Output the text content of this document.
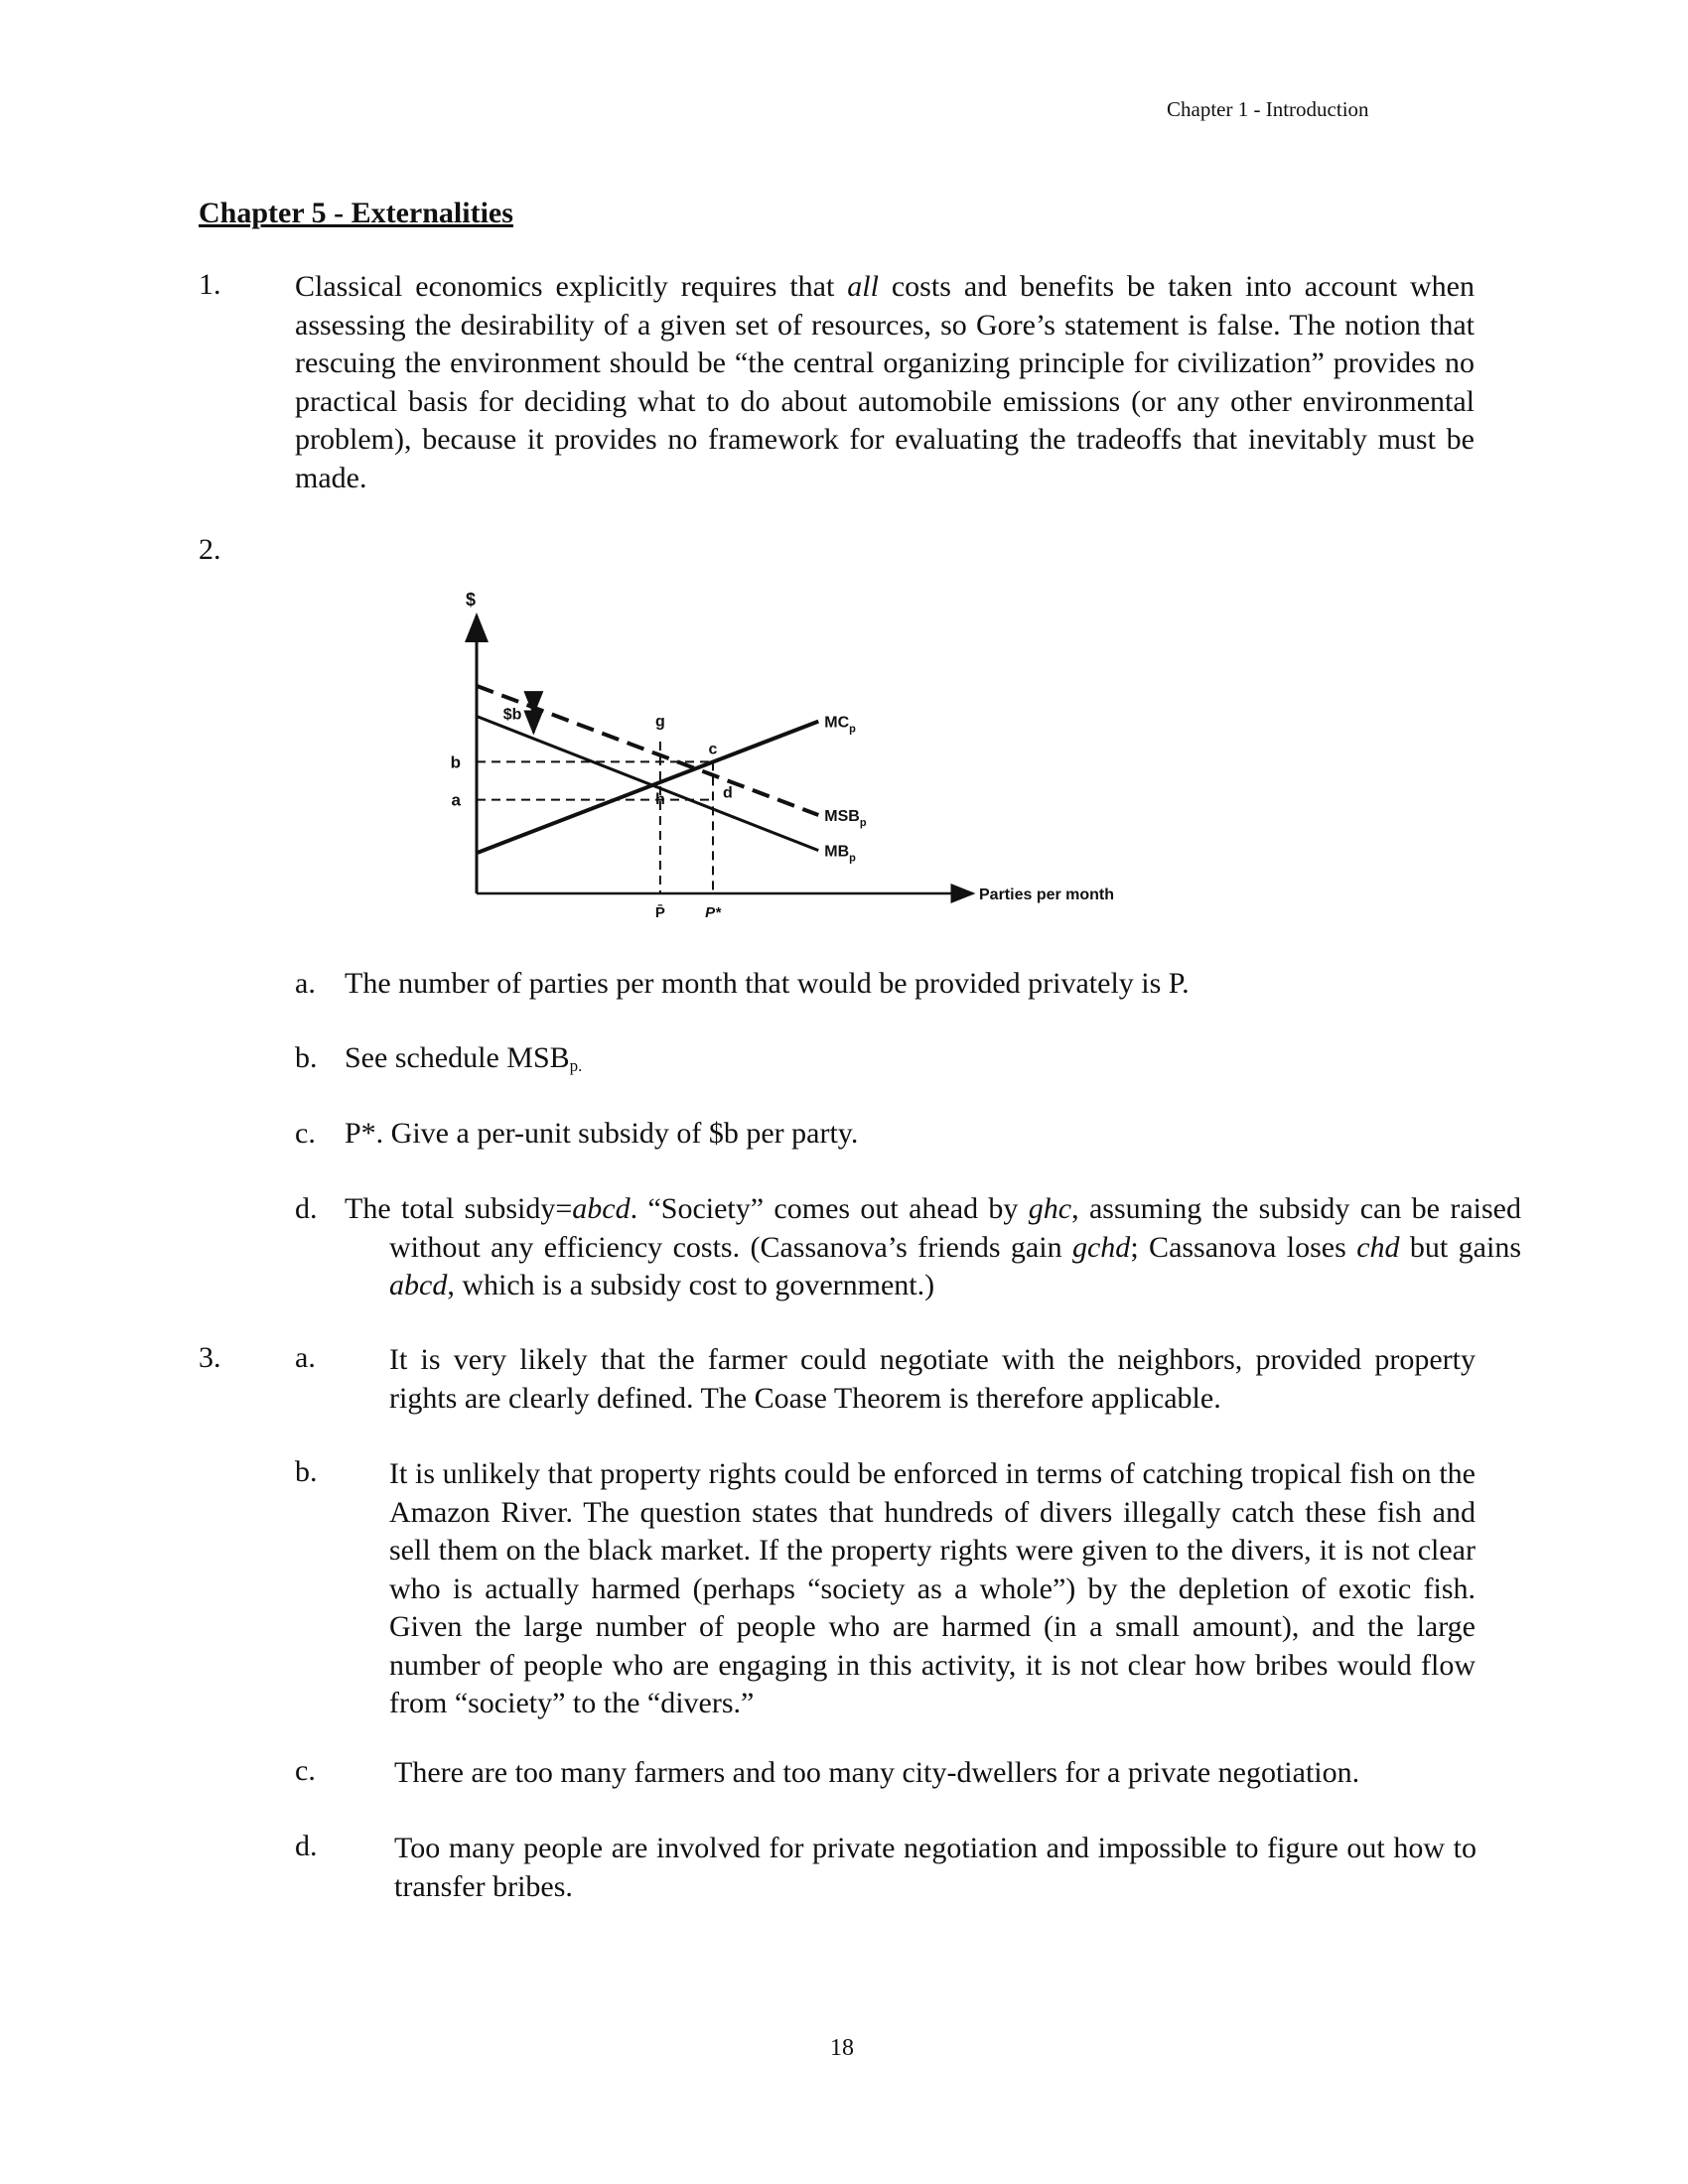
Chapter 1 - Introduction
Chapter 5 - Externalities
1. Classical economics explicitly requires that all costs and benefits be taken into account when assessing the desirability of a given set of resources, so Gore’s statement is false. The notion that rescuing the environment should be “the central organizing principle for civilization” provides no practical basis for deciding what to do about automobile emissions (or any other environmental problem), because it provides no framework for evaluating the tradeoffs that inevitably must be made.
2.
$
Parties per month
b
a
P̄	P*
$MSB_p$
$MB_p$
$MC_p$
g
c
h	d
$b
a. The number of parties per month that would be provided privately is P.
b. See schedule $MSB_{p.}$
c. P*. Give a per-unit subsidy of $b per party.
d. The total subsidy=abcd. “Society” comes out ahead by ghc, assuming the subsidy can be raised without any efficiency costs. (Cassanova’s friends gain gchd; Cassanova loses chd but gains abcd, which is a subsidy cost to government.)
3. a. It is very likely that the farmer could negotiate with the neighbors, provided property rights are clearly defined. The Coase Theorem is therefore applicable.
b. It is unlikely that property rights could be enforced in terms of catching tropical fish on the Amazon River. The question states that hundreds of divers illegally catch these fish and sell them on the black market. If the property rights were given to the divers, it is not clear who is actually harmed (perhaps “society as a whole”) by the depletion of exotic fish. Given the large number of people who are harmed (in a small amount), and the large number of people who are engaging in this activity, it is not clear how bribes would flow from “society” to the “divers.”
c.	There are too many farmers and too many city-dwellers for a private negotiation.
d.	Too many people are involved for private negotiation and impossible to figure out how to transfer bribes.
18
